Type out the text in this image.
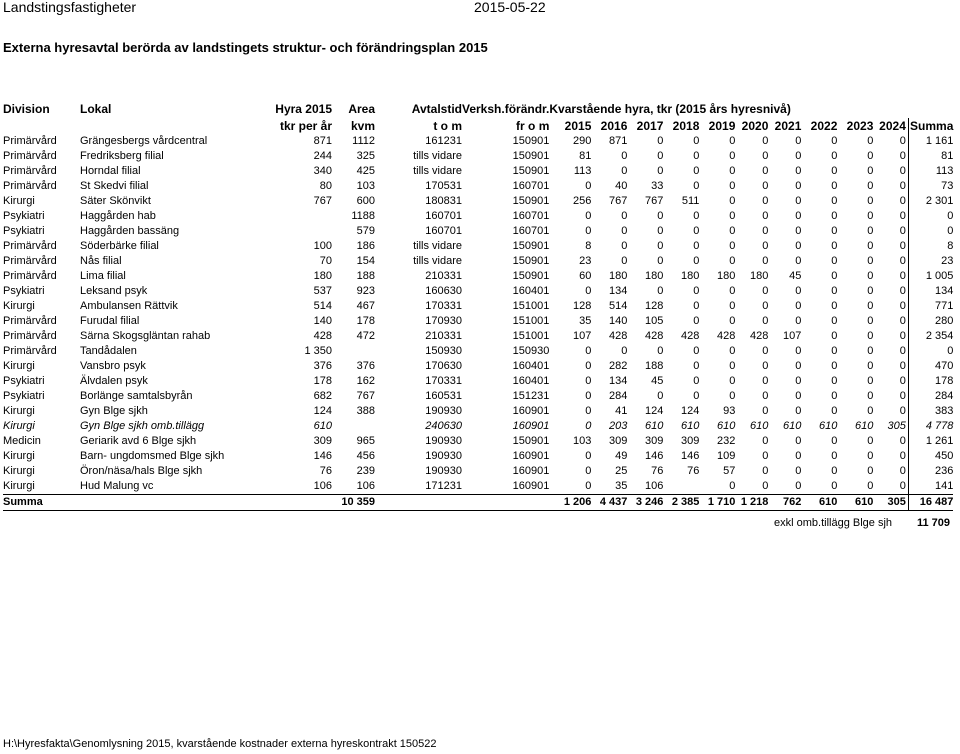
Landstingsfastigheter	2015-05-22
Externa hyresavtal berörda av landstingets struktur- och förändringsplan 2015
Division	Lokal	Hyra 2015	Area	Avtalstid	Verksh.förändr.	Kvarstående hyra, tkr (2015 års hyresnivå)										
		tkr per år	kvm	t o m	fr o m	2015	2016	2017	2018	2019	2020	2021	2022	2023	2024	Summa
Primärvård	Grängesbergs vårdcentral	871	1112	161231	150901	290	871	0	0	0	0	0	0	0	0	1 161
Primärvård	Fredriksberg filial	244	325	tills vidare	150901	81	0	0	0	0	0	0	0	0	0	81
Primärvård	Horndal filial	340	425	tills vidare	150901	113	0	0	0	0	0	0	0	0	0	113
Primärvård	St Skedvi filial	80	103	170531	160701	0	40	33	0	0	0	0	0	0	0	73
Kirurgi	Säter Skönvikt	767	600	180831	150901	256	767	767	511	0	0	0	0	0	0	2 301
Psykiatri	Haggården hab		1188	160701	160701	0	0	0	0	0	0	0	0	0	0	0
Psykiatri	Haggården bassäng		579	160701	160701	0	0	0	0	0	0	0	0	0	0	0
Primärvård	Söderbärke filial	100	186	tills vidare	150901	8	0	0	0	0	0	0	0	0	0	8
Primärvård	Nås filial	70	154	tills vidare	150901	23	0	0	0	0	0	0	0	0	0	23
Primärvård	Lima filial	180	188	210331	150901	60	180	180	180	180	180	45	0	0	0	1 005
Psykiatri	Leksand psyk	537	923	160630	160401	0	134	0	0	0	0	0	0	0	0	134
Kirurgi	Ambulansen Rättvik	514	467	170331	151001	128	514	128	0	0	0	0	0	0	0	771
Primärvård	Furudal filial	140	178	170930	151001	35	140	105	0	0	0	0	0	0	0	280
Primärvård	Särna Skogsgläntan rahab	428	472	210331	151001	107	428	428	428	428	428	107	0	0	0	2 354
Primärvård	Tandådalen	1 350		150930	150930	0	0	0	0	0	0	0	0	0	0	0
Kirurgi	Vansbro psyk	376	376	170630	160401	0	282	188	0	0	0	0	0	0	0	470
Psykiatri	Älvdalen psyk	178	162	170331	160401	0	134	45	0	0	0	0	0	0	0	178
Psykiatri	Borlänge samtalsbyrån	682	767	160531	151231	0	284	0	0	0	0	0	0	0	0	284
Kirurgi	Gyn Blge sjkh	124	388	190930	160901	0	41	124	124	93	0	0	0	0	0	383
Kirurgi	Gyn Blge sjkh omb.tillägg	610		240630	160901	0	203	610	610	610	610	610	610	610	305	4 778
Medicin	Geriarik avd 6 Blge sjkh	309	965	190930	150901	103	309	309	309	232	0	0	0	0	0	1 261
Kirurgi	Barn- ungdomsmed Blge sjkh	146	456	190930	160901	0	49	146	146	109	0	0	0	0	0	450
Kirurgi	Öron/näsa/hals Blge sjkh	76	239	190930	160901	0	25	76	76	57	0	0	0	0	0	236
Kirurgi	Hud Malung vc	106	106	171231	160901	0	35	106		0	0	0	0	0	0	141
Summa			10 359			1 206	4 437	3 246	2 385	1 710	1 218	762	610	610	305	16 487
exkl omb.tillägg Blge sjh 11 709
H:\Hyresfakta\Genomlysning 2015, kvarstående kostnader externa hyreskontrakt 150522
